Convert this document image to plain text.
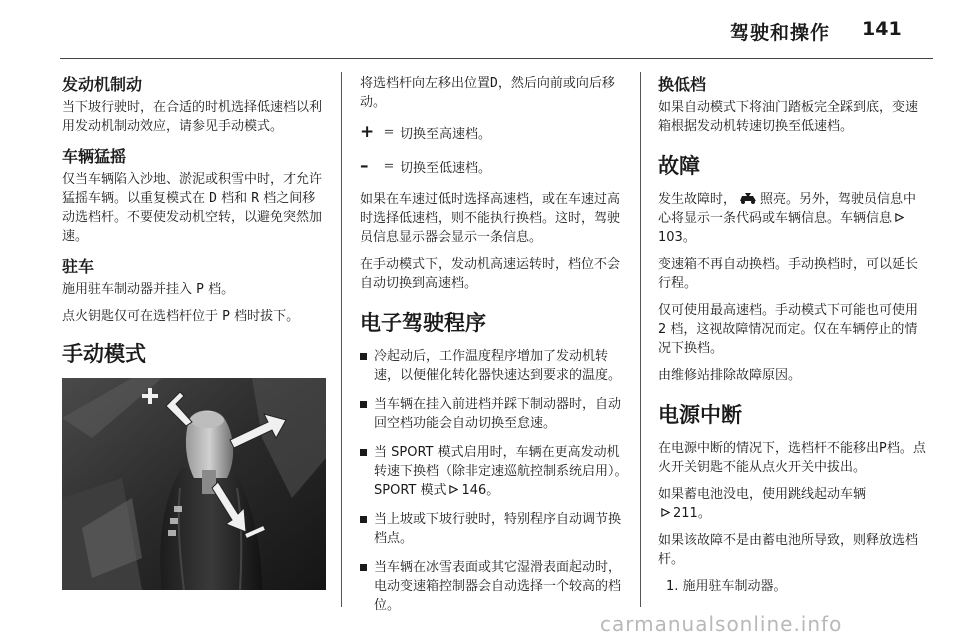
驾驶和操作 141
发动机制动

当下坡行驶时，在合适的时机选择低速档以利用发动机制动效应，请参见手动模式。

车辆猛摇

仅当车辆陷入沙地、淤泥或积雪中时，才允许猛摇车辆。以重复模式在 D 档和 R 档之间移动选档杆。不要使发动机空转，以避免突然加速。

驻车

施用驻车制动器并挂入 P 档。

点火钥匙仅可在选档杆位于 P 档时拔下。

手动模式

将选档杆向左移出位置D，然后向前或向后移动。

+ = 切换至高速档。
–	= 切换至低速档。

如果在车速过低时选择高速档，或在车速过高时选择低速档，则不能执行换档。这时，驾驶员信息显示器会显示一条信息。

在手动模式下，发动机高速运转时，档位不会自动切换到高速档。

电子驾驶程序
冷起动后，工作温度程序增加了发动机转速，以便催化转化器快速达到要求的温度。
当车辆在挂入前进档并踩下制动器时，自动回空档功能会自动切换至怠速。
当 SPORT 模式启用时，车辆在更高发动机转速下换档（除非定速巡航控制系统启用）。SPORT 模式 146。
当上坡或下坡行驶时，特别程序自动调节换档点。
当车辆在冰雪表面或其它湿滑表面起动时，电动变速箱控制器会自动选择一个较高的档位。
换低档

如果自动模式下将油门踏板完全踩到底，变速箱根据发动机转速切换至低速档。

故障

发生故障时， 照亮。另外，驾驶员信息中心将显示一条代码或车辆信息。车辆信息103。

变速箱不再自动换档。手动换档时，可以延长行程。

仅可使用最高速档。手动模式下可能也可使用 2 档，这视故障情况而定。仅在车辆停止的情况下换档。

由维修站排除故障原因。

电源中断

在电源中断的情况下，选档杆不能移出P档。点火开关钥匙不能从点火开关中拔出。

如果蓄电池没电，使用跳线起动车辆
211。

如果该故障不是由蓄电池所导致，则释放选档杆。

1. 施用驻车制动器。

carmanualsonline.info
